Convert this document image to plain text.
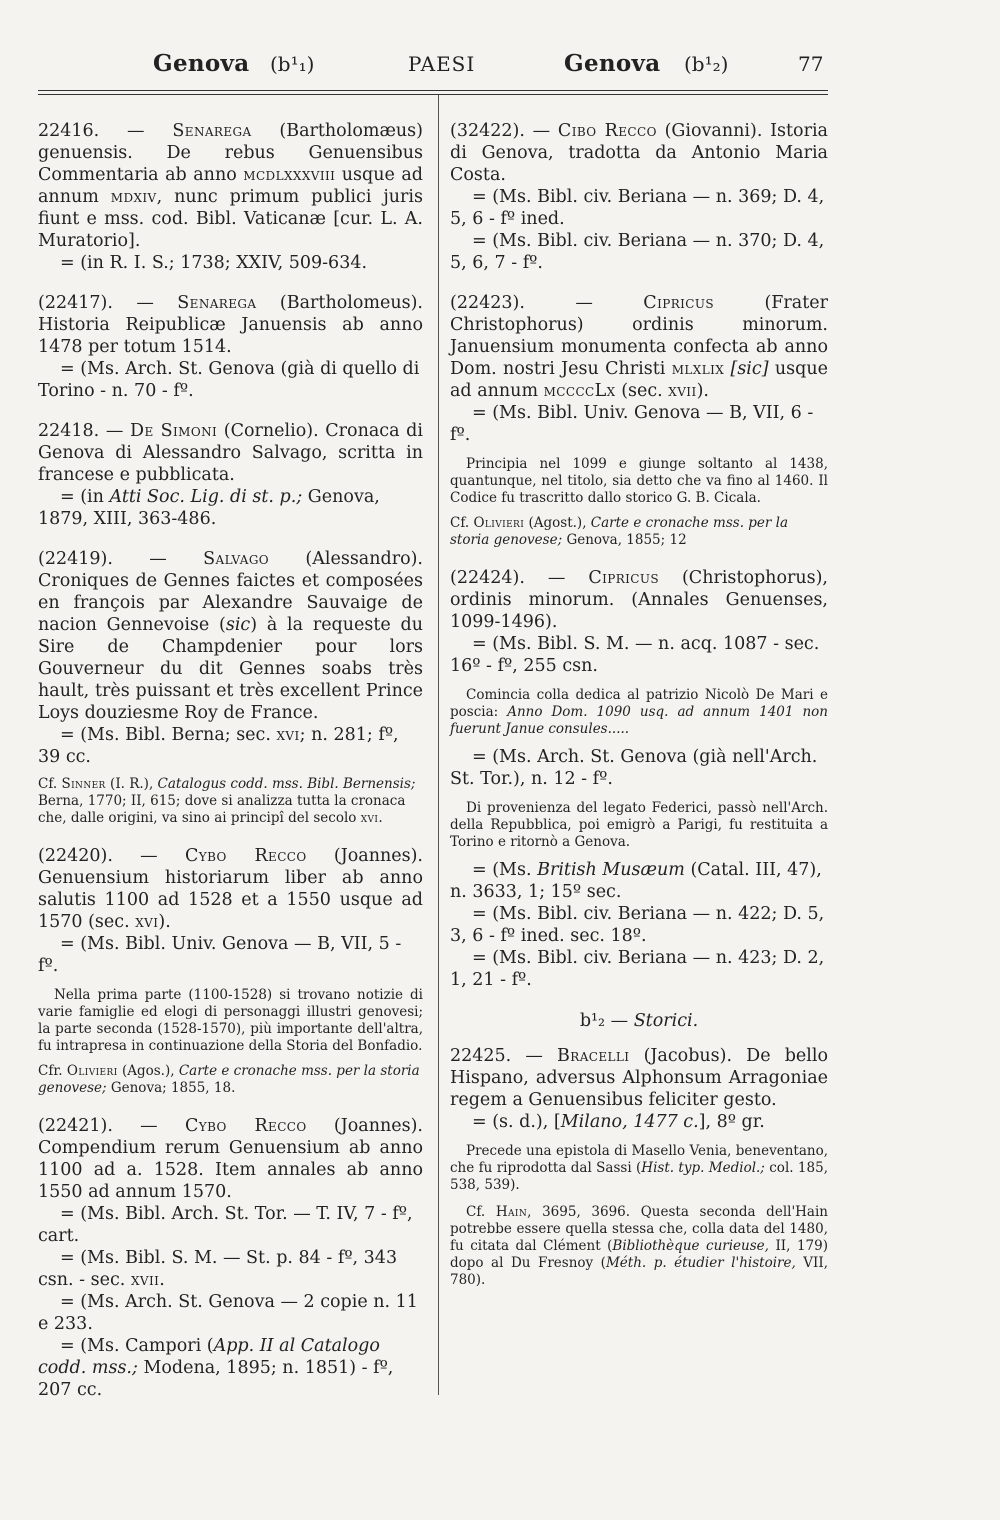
Genova (b¹₁)	PAESI	Genova (b¹₂)	77

22416. — Senarega (Bartholomæus) genuensis. De rebus Genuensibus Commentaria ab anno mcdlxxxviii usque ad annum mdxiv, nunc primum publici juris fiunt e mss. cod. Bibl. Vaticanæ [cur. L. A. Muratorio].

= (in R. I. S.; 1738; XXIV, 509-634.

(22417). — Senarega (Bartholomeus). Historia Reipublicæ Januensis ab anno 1478 per totum 1514.

= (Ms. Arch. St. Genova (già di quello di Torino - n. 70 - fº.

22418. — De Simoni (Cornelio). Cronaca di Genova di Alessandro Salvago, scritta in francese e pubblicata.

= (in Atti Soc. Lig. di st. p.; Genova, 1879, XIII, 363-486.

(22419). — Salvago (Alessandro). Croniques de Gennes faictes et composées en françois par Alexandre Sauvaige de nacion Gennevoise (sic) à la requeste du Sire de Champdenier pour lors Gouverneur du dit Gennes soabs très hault, très puissant et très excellent Prince Loys douziesme Roy de France.

= (Ms. Bibl. Berna; sec. xvi; n. 281; fº, 39 cc.

Cf. Sinner (I. R.), Catalogus codd. mss. Bibl. Bernensis; Berna, 1770; II, 615; dove si analizza tutta la cronaca che, dalle origini, va sino ai principî del secolo xvi.

(22420). — Cybo Recco (Joannes). Genuensium historiarum liber ab anno salutis 1100 ad 1528 et a 1550 usque ad 1570 (sec. xvi).

= (Ms. Bibl. Univ. Genova — B, VII, 5 - fº.

Nella prima parte (1100-1528) si trovano notizie di varie famiglie ed elogi di personaggi illustri genovesi; la parte seconda (1528-1570), più importante dell'altra, fu intrapresa in continuazione della Storia del Bonfadio.

Cfr. Olivieri (Agos.), Carte e cronache mss. per la storia genovese; Genova; 1855, 18.

(22421). — Cybo Recco (Joannes). Compendium rerum Genuensium ab anno 1100 ad a. 1528. Item annales ab anno 1550 ad annum 1570.

= (Ms. Bibl. Arch. St. Tor. — T. IV, 7 - fº, cart.

= (Ms. Bibl. S. M. — St. p. 84 - fº, 343 csn. - sec. xvii.

= (Ms. Arch. St. Genova — 2 copie n. 11 e 233.

= (Ms. Campori (App. II al Catalogo codd. mss.; Modena, 1895; n. 1851) - fº, 207 cc.

(32422). — Cibo Recco (Giovanni). Istoria di Genova, tradotta da Antonio Maria Costa.

= (Ms. Bibl. civ. Beriana — n. 369; D. 4, 5, 6 - fº ined.

= (Ms. Bibl. civ. Beriana — n. 370; D. 4, 5, 6, 7 - fº.

(22423). —	Cipricus	(Frater Christophorus) ordinis minorum. Januensium monumenta confecta ab anno Dom. nostri Jesu Christi mlxlix [sic] usque ad annum mccccLx (sec. xvii).

= (Ms. Bibl. Univ. Genova — B, VII, 6 - fº.

Principia nel 1099 e giunge soltanto al 1438, quantunque, nel titolo, sia detto che va fino al 1460. Il Codice fu trascritto dallo storico G. B. Cicala.

Cf. Olivieri (Agost.), Carte e cronache mss. per la storia genovese; Genova, 1855; 12

(22424). — Cipricus (Christophorus), ordinis minorum. (Annales Genuenses, 1099-1496).

= (Ms. Bibl. S. M. — n. acq. 1087 - sec. 16º - fº, 255 csn.

Comincia colla dedica al patrizio Nicolò De Mari e poscia: Anno Dom. 1090 usq. ad annum 1401 non fuerunt Janue consules.....

= (Ms. Arch. St. Genova (già nell'Arch. St. Tor.), n. 12 - fº.

Di provenienza del legato Federici, passò nell'Arch. della Repubblica, poi emigrò a Parigi, fu restituita a Torino e ritornò a Genova.

= (Ms. British Musæum (Catal. III, 47), n. 3633, 1; 15º sec.

= (Ms. Bibl. civ. Beriana — n. 422; D. 5, 3, 6 - fº ined. sec. 18º.

= (Ms. Bibl. civ. Beriana — n. 423; D. 2, 1, 21 - fº.

b¹₂ — Storici.

22425. — Bracelli (Jacobus). De bello Hispano, adversus Alphonsum Arragoniae regem a Genuensibus feliciter gesto.

= (s. d.), [Milano, 1477 c.], 8º gr.

Precede una epistola di Masello Venia, beneventano, che fu riprodotta dal Sassi (Hist. typ. Mediol.; col. 185, 538, 539).

Cf. Hain, 3695, 3696. Questa seconda dell'Hain potrebbe essere quella stessa che, colla data del 1480, fu citata dal Clément (Bibliothèque curieuse, II, 179) dopo al Du Fresnoy (Méth. p. étudier l'histoire, VII, 780).
